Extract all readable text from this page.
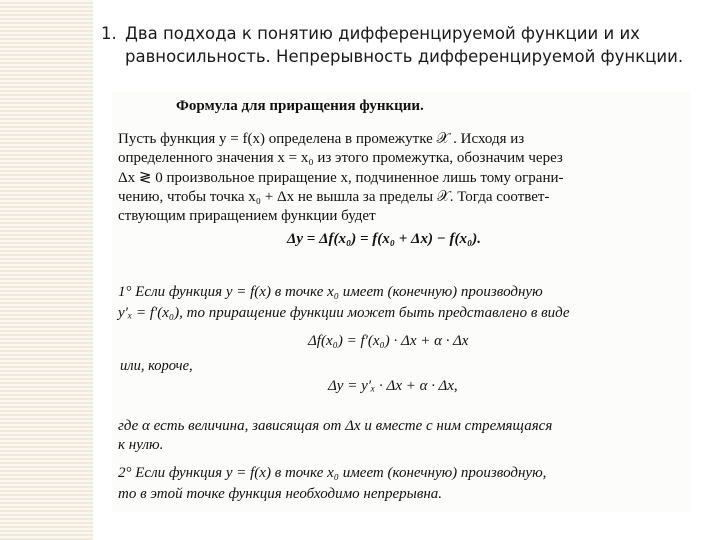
1. Два подхода к понятию дифференцируемой функции и их
равносильность. Непрерывность дифференцируемой функции.
Формула для приращения функции.
Пусть функция y = f(x) определена в промежутке 𝒳 . Исходя из
определенного значения x = x₀ из этого промежутка, обозначим через
Δx ≷ 0 произвольное приращение x, подчиненное лишь тому ограни-
чению, чтобы точка x₀ + Δx не вышла за пределы 𝒳. Тогда соответ-
ствующим приращением функции будет
Δy = Δf(x₀) = f(x₀ + Δx) − f(x₀).
1° Если функция y = f(x) в точке x₀ имеет (конечную) производную
y′ₓ = f′(x₀), то приращение функции может быть представлено в виде
Δf(x₀) = f′(x₀) · Δx + α · Δx
или, короче,
Δy = y′ₓ · Δx + α · Δx,
где α есть величина, зависящая от Δx и вместе с ним стремящаяся
к нулю.
2° Если функция y = f(x) в точке x₀ имеет (конечную) производную,
то в этой точке функция необходимо непрерывна.
